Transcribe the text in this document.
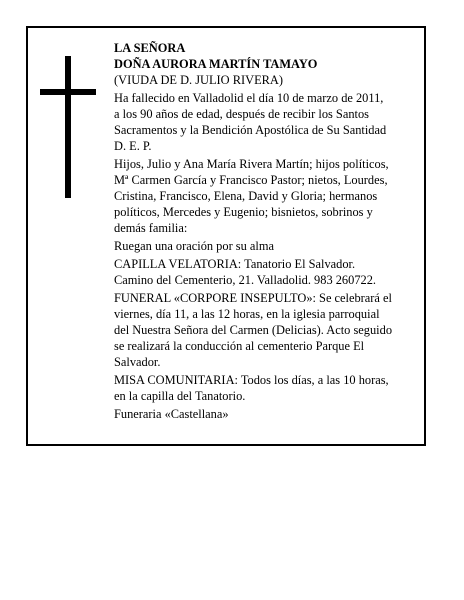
LA SEÑORA
DOÑA AURORA MARTÍN TAMAYO
(VIUDA DE D. JULIO RIVERA)

Ha fallecido en Valladolid el día 10 de marzo de 2011,
a los 90 años de edad, después de recibir los Santos
Sacramentos y la Bendición Apostólica de Su Santidad
D. E. P.

Hijos, Julio y Ana María Rivera Martín; hijos políticos,
Mª Carmen García y Francisco Pastor; nietos, Lourdes,
Cristina, Francisco, Elena, David y Gloria; hermanos
políticos, Mercedes y Eugenio; bisnietos, sobrinos y
demás familia:

Ruegan una oración por su alma

CAPILLA VELATORIA: Tanatorio El Salvador.
Camino del Cementerio, 21. Valladolid. 983 260722.

FUNERAL «CORPORE INSEPULTO»: Se celebrará el
viernes, día 11, a las 12 horas, en la iglesia parroquial
del Nuestra Señora del Carmen (Delicias). Acto seguido
se realizará la conducción al cementerio Parque El
Salvador.

MISA COMUNITARIA: Todos los días, a las 10 horas,
en la capilla del Tanatorio.

Funeraria «Castellana»
